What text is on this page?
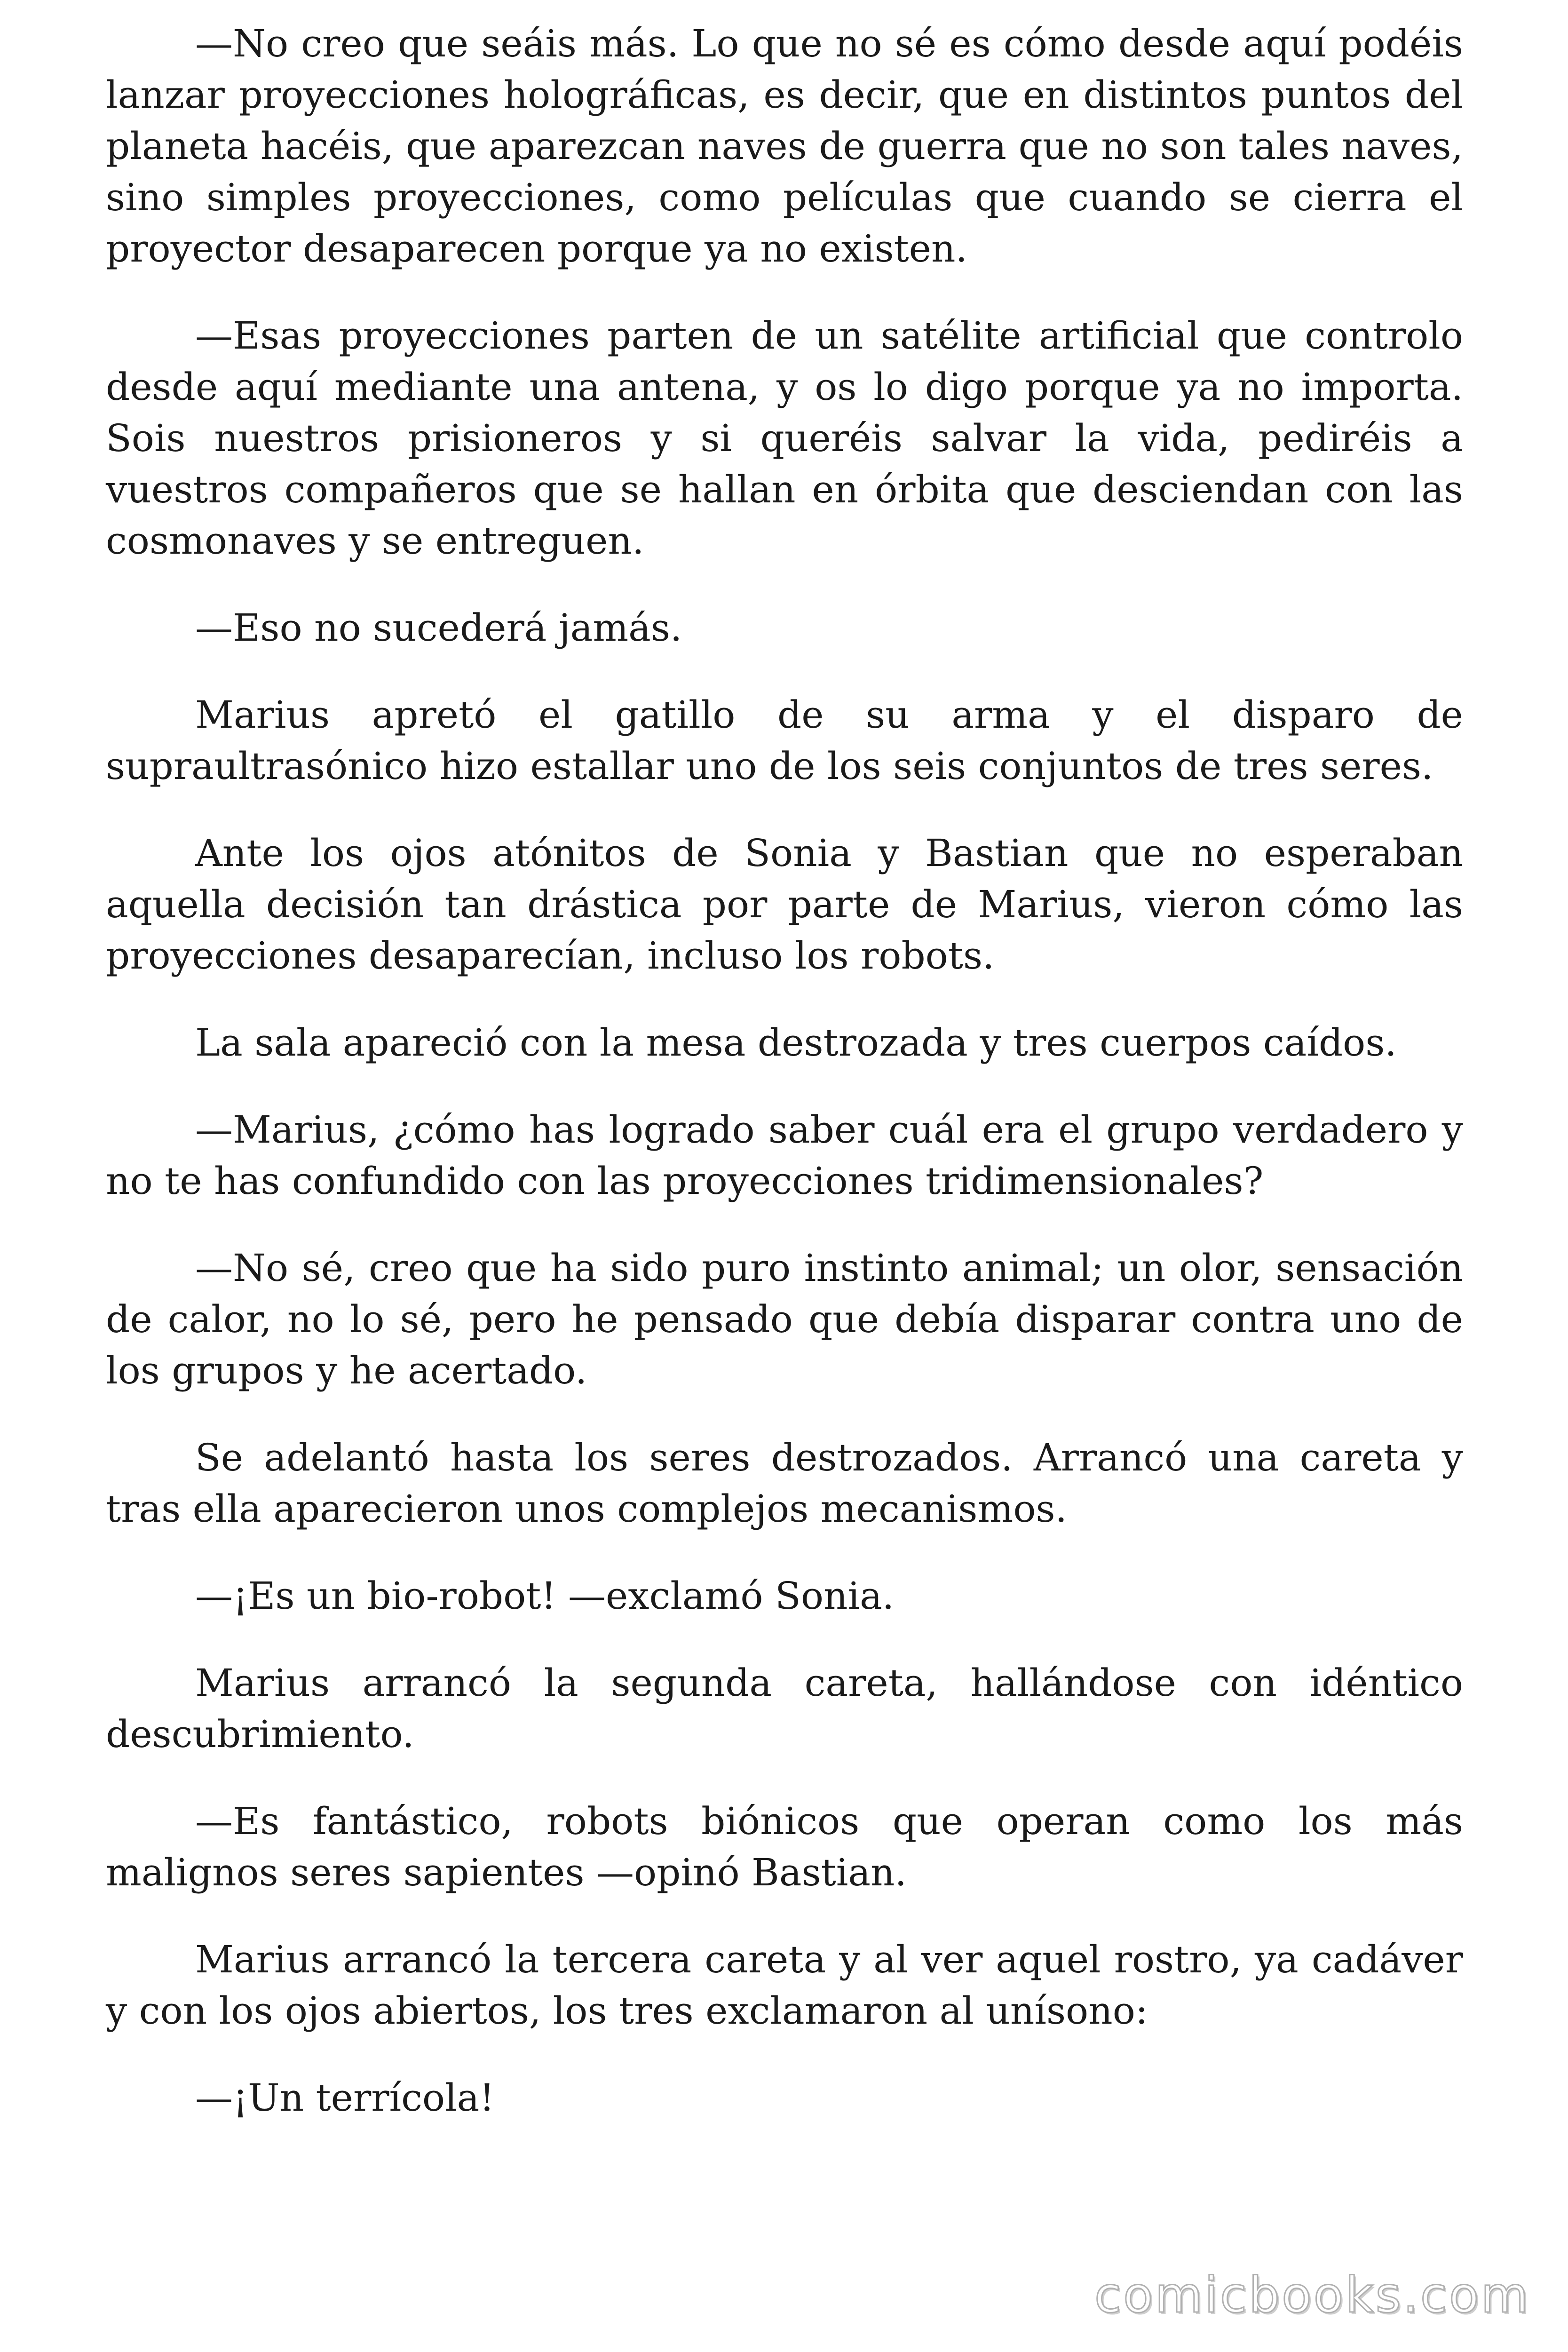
—No creo que seáis más. Lo que no sé es cómo desde aquí podéis lanzar proyecciones holográficas, es decir, que en distintos puntos del planeta hacéis, que aparezcan naves de guerra que no son tales naves, sino simples proyecciones, como películas que cuando se cierra el proyector desaparecen porque ya no existen.

—Esas proyecciones parten de un satélite artificial que controlo desde aquí mediante una antena, y os lo digo porque ya no importa. Sois nuestros prisioneros y si queréis salvar la vida, pediréis a vuestros compañeros que se hallan en órbita que desciendan con las cosmonaves y se entreguen.

—Eso no sucederá jamás.

Marius apretó el gatillo de su arma y el disparo de supraultrasónico hizo estallar uno de los seis conjuntos de tres seres.

Ante los ojos atónitos de Sonia y Bastian que no esperaban aquella decisión tan drástica por parte de Marius, vieron cómo las proyecciones desaparecían, incluso los robots.

La sala apareció con la mesa destrozada y tres cuerpos caídos.

—Marius, ¿cómo has logrado saber cuál era el grupo verdadero y no te has confundido con las proyecciones tridimensionales?

—No sé, creo que ha sido puro instinto animal; un olor, sensación de calor, no lo sé, pero he pensado que debía disparar contra uno de los grupos y he acertado.

Se adelantó hasta los seres destrozados. Arrancó una careta y tras ella aparecieron unos complejos mecanismos.

—¡Es un bio-robot! —exclamó Sonia.

Marius arrancó la segunda careta, hallándose con idéntico descubrimiento.

—Es fantástico, robots biónicos que operan como los más malignos seres sapientes —opinó Bastian.

Marius arrancó la tercera careta y al ver aquel rostro, ya cadáver y con los ojos abiertos, los tres exclamaron al unísono:

—¡Un terrícola!

comicbooks.com
